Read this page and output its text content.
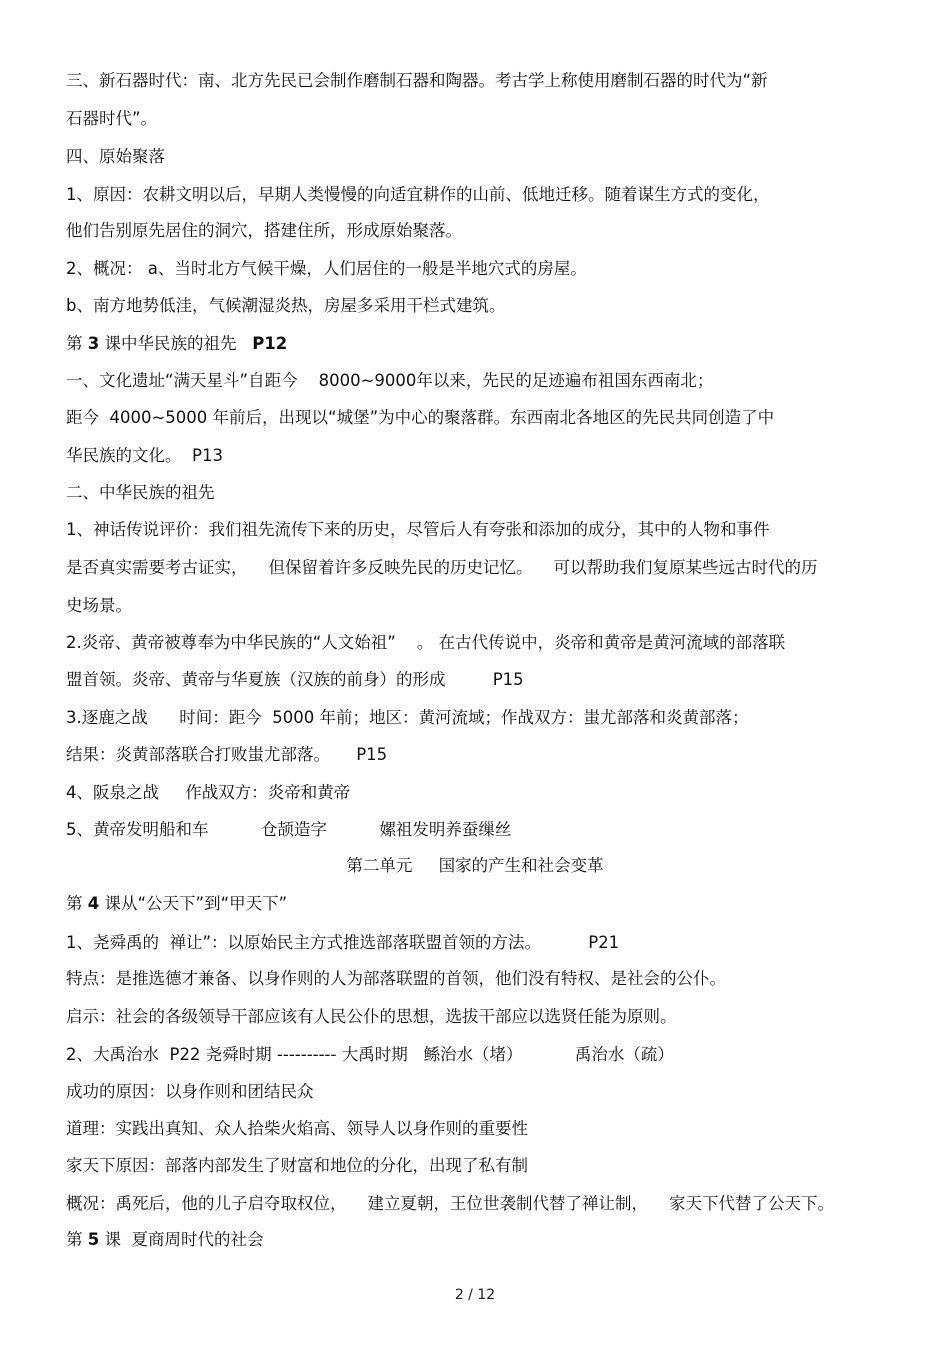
三、新石器时代：南、北方先民已会制作磨制石器和陶器。考古学上称使用磨制石器的时代为“新
石器时代”。
四、原始聚落
1、原因：农耕文明以后，早期人类慢慢的向适宜耕作的山前、低地迁移。随着谋生方式的变化，
他们告别原先居住的洞穴，搭建住所，形成原始聚落。
2、概况： a、当时北方气候干燥，人们居住的一般是半地穴式的房屋。
b、南方地势低洼，气候潮湿炎热，房屋多采用干栏式建筑。
第 3 课中华民族的祖先   P12
一、文化遗址“满天星斗”自距今    8000~9000年以来，先民的足迹遍布祖国东西南北；
距今  4000~5000 年前后，出现以“城堡”为中心的聚落群。东西南北各地区的先民共同创造了中
华民族的文化。  P13
二、中华民族的祖先
1、神话传说评价：我们祖先流传下来的历史，尽管后人有夸张和添加的成分，其中的人物和事件
是否真实需要考古证实，    但保留着许多反映先民的历史记忆。    可以帮助我们复原某些远古时代的历
史场景。
2.炎帝、黄帝被尊奉为中华民族的“人文始祖”    。 在古代传说中，炎帝和黄帝是黄河流域的部落联
盟首领。炎帝、黄帝与华夏族（汉族的前身）的形成         P15
3.逐鹿之战      时间：距今  5000 年前；地区：黄河流域；作战双方：蚩尤部落和炎黄部落；
结果：炎黄部落联合打败蚩尤部落。     P15
4、阪泉之战     作战双方：炎帝和黄帝
5、黄帝发明船和车          仓颉造字          嫘祖发明养蚕缫丝
第二单元     国家的产生和社会变革
第 4 课从“公天下”到“甲天下”
1、尧舜禹的  禅让”：以原始民主方式推选部落联盟首领的方法。         P21
特点：是推选德才兼备、以身作则的人为部落联盟的首领，他们没有特权、是社会的公仆。
启示：社会的各级领导干部应该有人民公仆的思想，选拔干部应以选贤任能为原则。
2、大禹治水  P22 尧舜时期 ---------- 大禹时期   鲧治水（堵）          禹治水（疏）
成功的原因：以身作则和团结民众
道理：实践出真知、众人拾柴火焰高、领导人以身作则的重要性
家天下原因：部落内部发生了财富和地位的分化，出现了私有制
概况：禹死后，他的儿子启夺取权位，    建立夏朝，王位世袭制代替了禅让制，    家天下代替了公天下。
第 5 课  夏商周时代的社会
2 / 12
